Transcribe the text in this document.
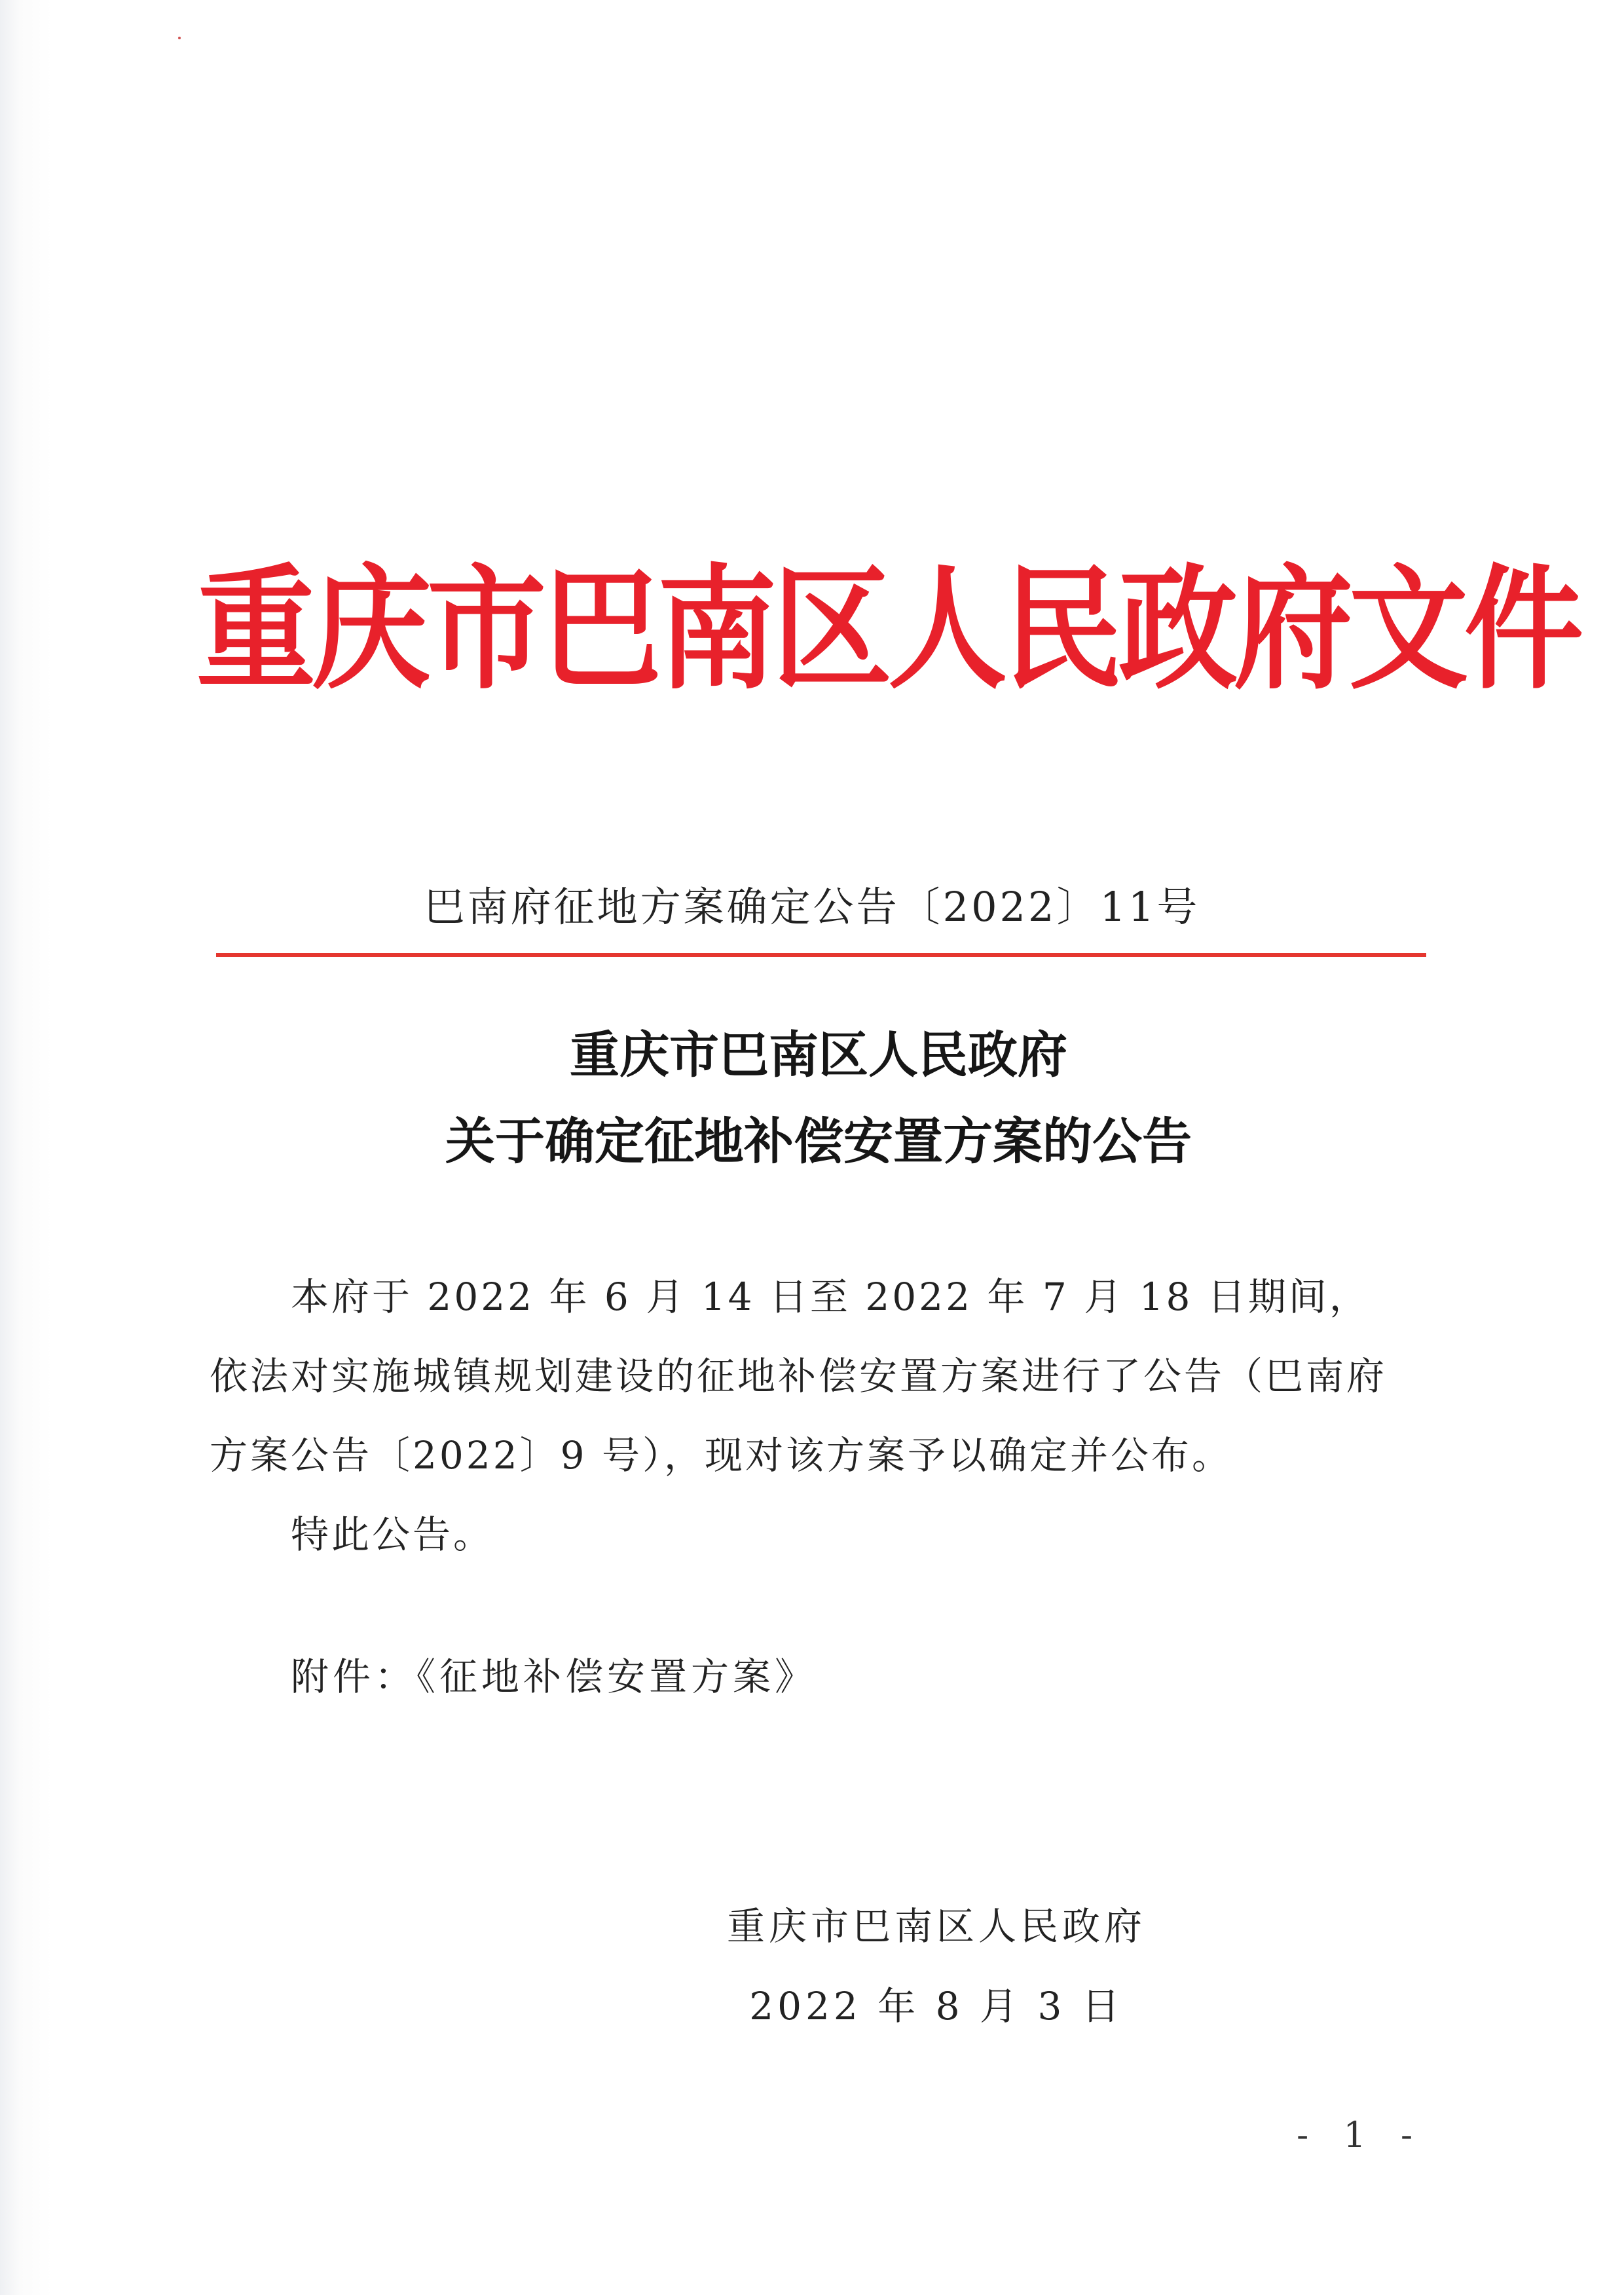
重庆市巴南区人民政府文件
巴南府征地方案确定公告〔2022〕11号
重庆市巴南区人民政府
关于确定征地补偿安置方案的公告

本府于 2022 年 6 月 14 日至 2022 年 7 月 18 日期间，依法对实施城镇规划建设的征地补偿安置方案进行了公告（巴南府方案公告〔2022〕9 号），现对该方案予以确定并公布。

特此公告。

附件：《征地补偿安置方案》
重庆市巴南区人民政府
2022 年 8 月 3 日
- 1 -
